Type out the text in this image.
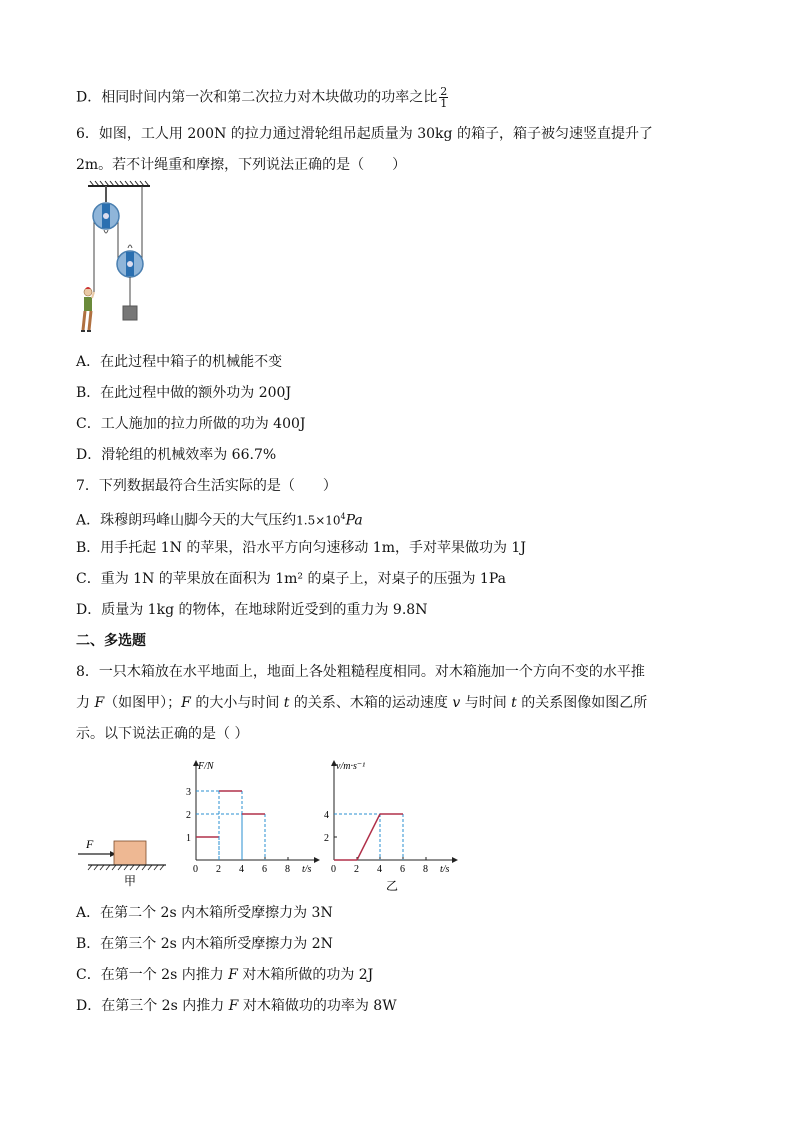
D．相同时间内第一次和第二次拉力对木块做功的功率之比 $\frac{2}{1}$
6．如图，工人用 200N 的拉力通过滑轮组吊起质量为 30kg 的箱子，箱子被匀速竖直提升了
2m。若不计绳重和摩擦，下列说法正确的是（　　）
A．在此过程中箱子的机械能不变
B．在此过程中做的额外功为 200J
C．工人施加的拉力所做的功为 400J
D．滑轮组的机械效率为 66.7%
7．下列数据最符合生活实际的是（　　）
A．珠穆朗玛峰山脚今天的大气压约$1.5\times 10^4Pa$
B．用手托起 1N 的苹果，沿水平方向匀速移动 1m，手对苹果做功为 1J
C．重为 1N 的苹果放在面积为 1m² 的桌子上，对桌子的压强为 1Pa
D．质量为 1kg 的物体，在地球附近受到的重力为 9.8N
二、多选题
8．一只木箱放在水平地面上，地面上各处粗糙程度相同。对木箱施加一个方向不变的水平推
力 F（如图甲）；F 的大小与时间 t 的关系、木箱的运动速度 v 与时间 t 的关系图像如图乙所
示。以下说法正确的是（ ）
F
甲
F/N
t/s
0 2 4 6 8
1
2
3
v/m·s⁻¹
t/s
0 2 4 6 8
2
4
乙
A．在第二个 2s 内木箱所受摩擦力为 3N
B．在第三个 2s 内木箱所受摩擦力为 2N
C．在第一个 2s 内推力 F 对木箱所做的功为 2J
D．在第三个 2s 内推力 F 对木箱做功的功率为 8W
